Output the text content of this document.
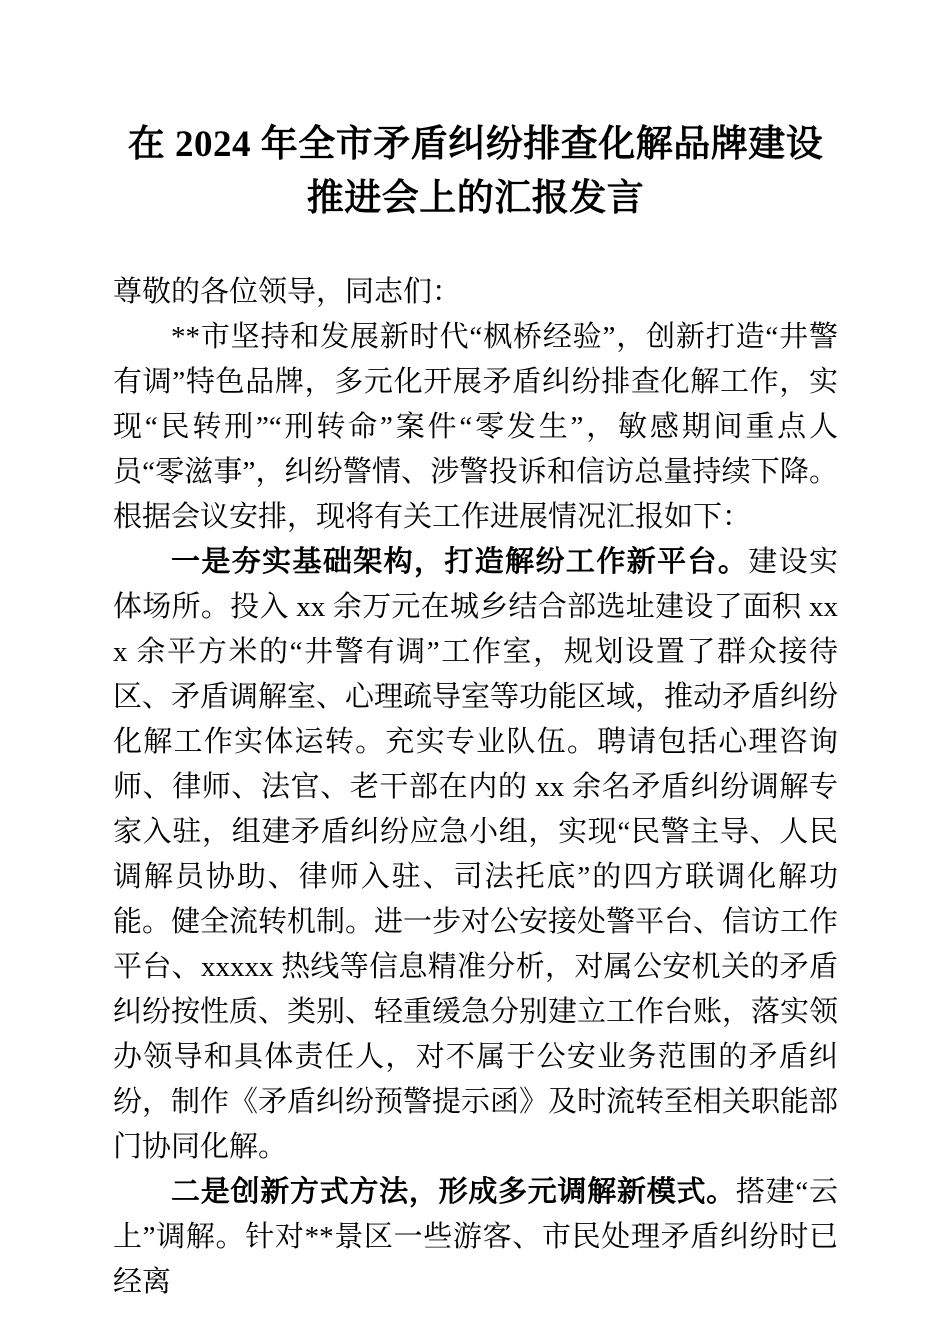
在 2024 年全市矛盾纠纷排查化解品牌建设推进会上的汇报发言

尊敬的各位领导，同志们：

**市坚持和发展新时代“枫桥经验”，创新打造“井警有调”特色品牌，多元化开展矛盾纠纷排查化解工作，实现“民转刑”“刑转命”案件“零发生”，敏感期间重点人员“零滋事”，纠纷警情、涉警投诉和信访总量持续下降。根据会议安排，现将有关工作进展情况汇报如下：

一是夯实基础架构，打造解纷工作新平台。建设实体场所。投入 xx 余万元在城乡结合部选址建设了面积 xxx 余平方米的“井警有调”工作室，规划设置了群众接待区、矛盾调解室、心理疏导室等功能区域，推动矛盾纠纷化解工作实体运转。充实专业队伍。聘请包括心理咨询师、律师、法官、老干部在内的 xx 余名矛盾纠纷调解专家入驻，组建矛盾纠纷应急小组，实现“民警主导、人民调解员协助、律师入驻、司法托底”的四方联调化解功能。健全流转机制。进一步对公安接处警平台、信访工作平台、xxxxx 热线等信息精准分析，对属公安机关的矛盾纠纷按性质、类别、轻重缓急分别建立工作台账，落实领办领导和具体责任人，对不属于公安业务范围的矛盾纠纷，制作《矛盾纠纷预警提示函》及时流转至相关职能部门协同化解。

二是创新方式方法，形成多元调解新模式。搭建“云上”调解。针对**景区一些游客、市民处理矛盾纠纷时已经离
